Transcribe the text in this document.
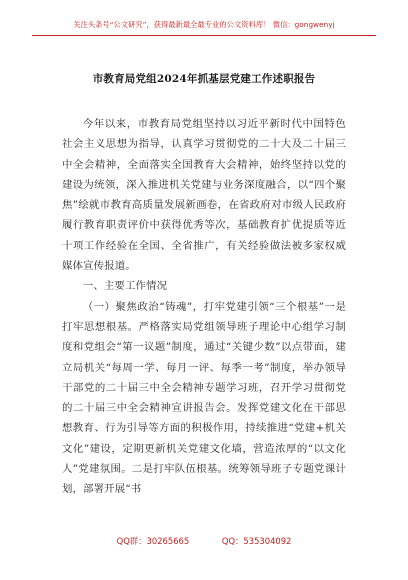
关注头条号“公文研究”，获得最新最全最专业的公文资料库！ 微信：gongwenyj
市教育局党组2024年抓基层党建工作述职报告

今年以来，市教育局党组坚持以习近平新时代中国特色社会主义思想为指导，认真学习贯彻党的二十大及二十届三中全会精神，全面落实全国教育大会精神，始终坚持以党的建设为统领，深入推进机关党建与业务深度融合，以“四个聚焦”绘就市教育高质量发展新画卷，在省政府对市级人民政府履行教育职责评价中获得优秀等次，基础教育扩优提质等近十项工作经验在全国、全省推广，有关经验做法被多家权威媒体宣传报道。

一、主要工作情况

（一）聚焦政治“铸魂”，打牢党建引领“三个根基”一是打牢思想根基。严格落实局党组领导班子理论中心组学习制度和党组会“第一议题”制度，通过“关键少数”以点带面，建立局机关“每周一学、每月一评、每季一考”制度，举办领导干部党的二十届三中全会精神专题学习班，召开学习贯彻党的二十届三中全会精神宣讲报告会。发挥党建文化在干部思想教育、行为引导等方面的积极作用，持续推进“党建+机关文化”建设，定期更新机关党建文化墙，营造浓厚的“以文化人”党建氛围。二是打牢队伍根基。统筹领导班子专题党课计划，部署开展“书

QQ群：30265665	QQ：535304092
